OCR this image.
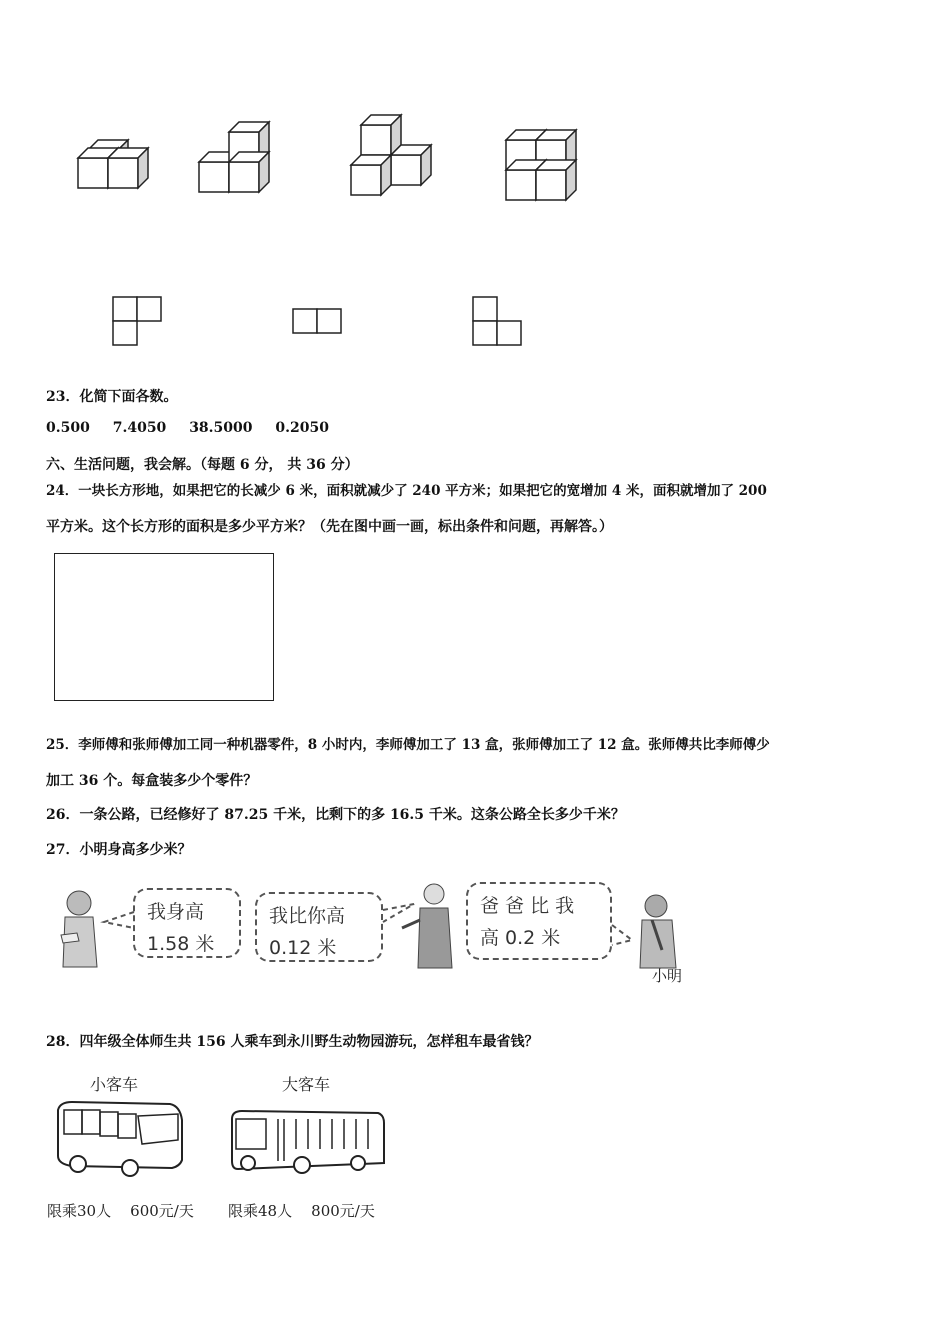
23．化简下面各数。
0.500 7.4050 38.5000 0.2050
六、生活问题，我会解。（每题 6 分， 共 36 分）
24．一块长方形地，如果把它的长减少 6 米，面积就减少了 240 平方米；如果把它的宽增加 4 米，面积就增加了 200
平方米。这个长方形的面积是多少平方米？（先在图中画一画，标出条件和问题，再解答。）
25．李师傅和张师傅加工同一种机器零件，8 小时内，李师傅加工了 13 盒，张师傅加工了 12 盒。张师傅共比李师傅少
加工 36 个。每盒装多少个零件？
26．一条公路，已经修好了 87.25 千米，比剩下的多 16.5 千米。这条公路全长多少千米？
27．小明身高多少米？
我身高
1.58 米
我比你高
0.12 米
爸 爸 比 我
高 0.2 米
小明
28．四年级全体师生共 156 人乘车到永川野生动物园游玩，怎样租车最省钱？
小客车	大客车
限乘30人 600元/天 限乘48人 800元/天
